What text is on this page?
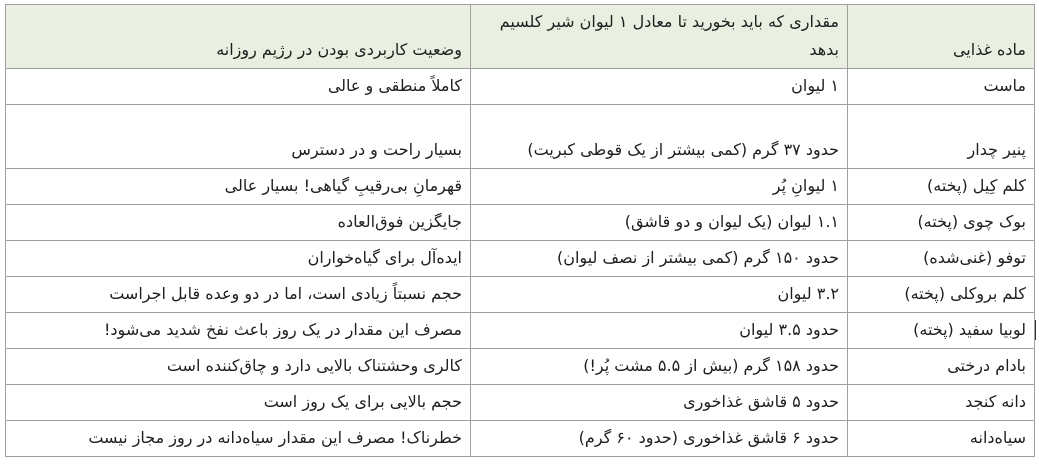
ماده غذایی	مقداری که باید بخورید تا معادل ۱ لیوان شیر کلسیم بدهد	وضعیت کاربردی بودن در رژیم روزانه
ماست	۱ لیوان	کاملاً منطقی و عالی
پنیر چدار	حدود ۳۷ گرم (کمی بیشتر از یک قوطی کبریت)	بسیار راحت و در دسترس
کلم کِیل (پخته)	۱ لیوانِ پُر	قهرمانِ بی‌رقیبِ گیاهی! بسیار عالی
بوک چوی (پخته)	۱.۱ لیوان (یک لیوان و دو قاشق)	جایگزین فوق‌العاده
توفو (غنی‌شده)	حدود ۱۵۰ گرم (کمی بیشتر از نصف لیوان)	ایده‌آل برای گیاه‌خواران
کلم بروکلی (پخته)	۳.۲ لیوان	حجم نسبتاً زیادی است، اما در دو وعده قابل اجراست
لوبیا سفید (پخته)	حدود ۳.۵ لیوان	مصرف این مقدار در یک روز باعث نفخ شدید می‌شود!
بادام درختی	حدود ۱۵۸ گرم (بیش از ۵.۵ مشت پُر!)	کالری وحشتناک بالایی دارد و چاق‌کننده است
دانه کنجد	حدود ۵ قاشق غذاخوری	حجم بالایی برای یک روز است
سیاه‌دانه	حدود ۶ قاشق غذاخوری (حدود ۶۰ گرم)	خطرناک! مصرف این مقدار سیاه‌دانه در روز مجاز نیست
